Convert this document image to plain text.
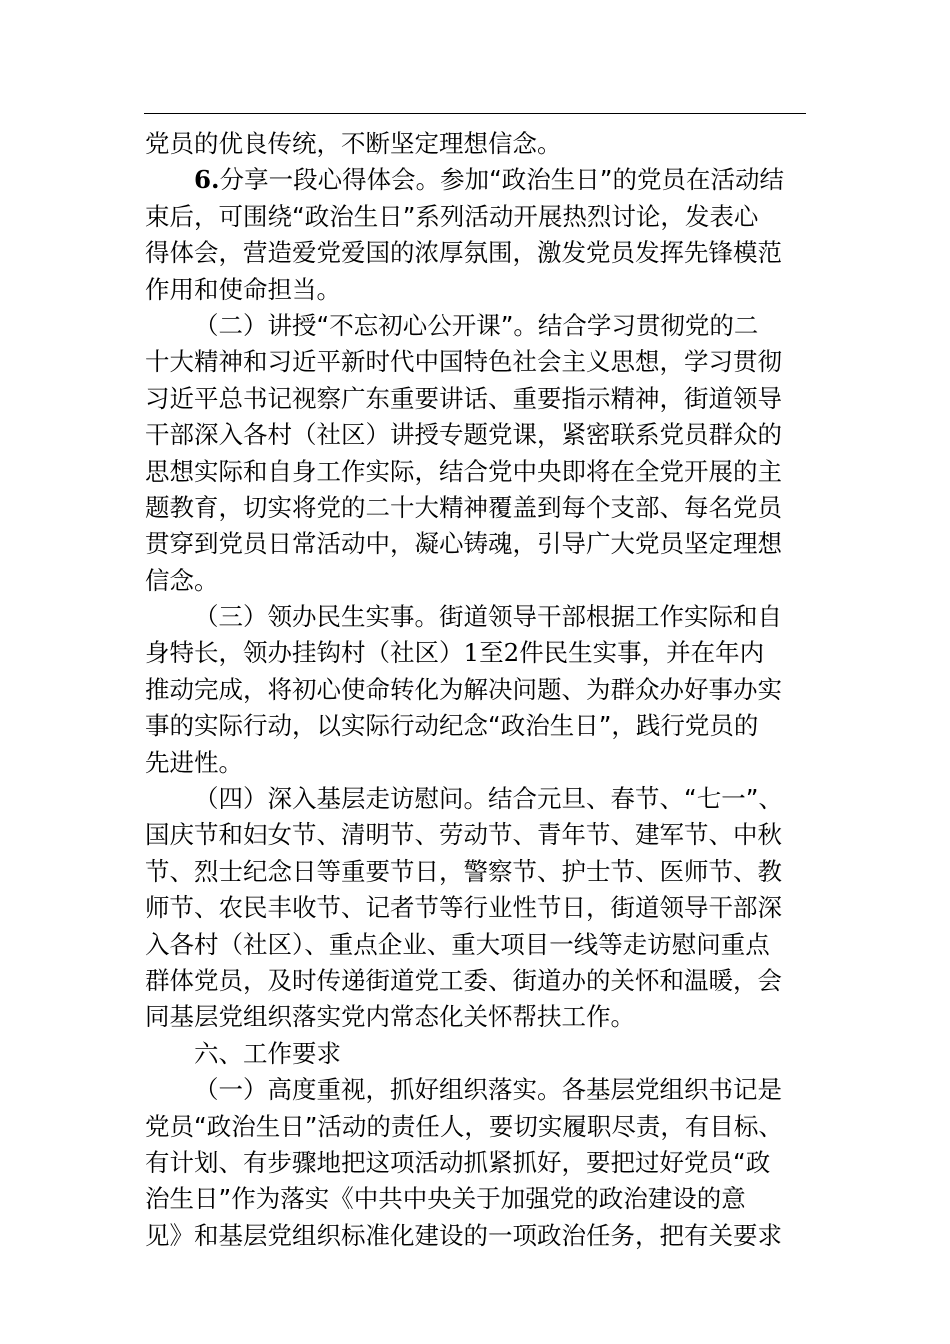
党员的优良传统，不断坚定理想信念。
6.分享一段心得体会。参加“政治生日”的党员在活动结
束后，可围绕“政治生日”系列活动开展热烈讨论，发表心
得体会，营造爱党爱国的浓厚氛围，激发党员发挥先锋模范
作用和使命担当。
（二）讲授“不忘初心公开课”。结合学习贯彻党的二
十大精神和习近平新时代中国特色社会主义思想，学习贯彻
习近平总书记视察广东重要讲话、重要指示精神，街道领导
干部深入各村（社区）讲授专题党课，紧密联系党员群众的
思想实际和自身工作实际，结合党中央即将在全党开展的主
题教育，切实将党的二十大精神覆盖到每个支部、每名党员
贯穿到党员日常活动中，凝心铸魂，引导广大党员坚定理想
信念。
（三）领办民生实事。街道领导干部根据工作实际和自
身特长，领办挂钩村（社区）1至2件民生实事，并在年内
推动完成，将初心使命转化为解决问题、为群众办好事办实
事的实际行动，以实际行动纪念“政治生日”，践行党员的
先进性。
（四）深入基层走访慰问。结合元旦、春节、“七一”、
国庆节和妇女节、清明节、劳动节、青年节、建军节、中秋
节、烈士纪念日等重要节日，警察节、护士节、医师节、教
师节、农民丰收节、记者节等行业性节日，街道领导干部深
入各村（社区）、重点企业、重大项目一线等走访慰问重点
群体党员，及时传递街道党工委、街道办的关怀和温暖，会
同基层党组织落实党内常态化关怀帮扶工作。
六、工作要求
（一）高度重视，抓好组织落实。各基层党组织书记是
党员“政治生日”活动的责任人，要切实履职尽责，有目标、
有计划、有步骤地把这项活动抓紧抓好，要把过好党员“政
治生日”作为落实《中共中央关于加强党的政治建设的意
见》和基层党组织标准化建设的一项政治任务，把有关要求
